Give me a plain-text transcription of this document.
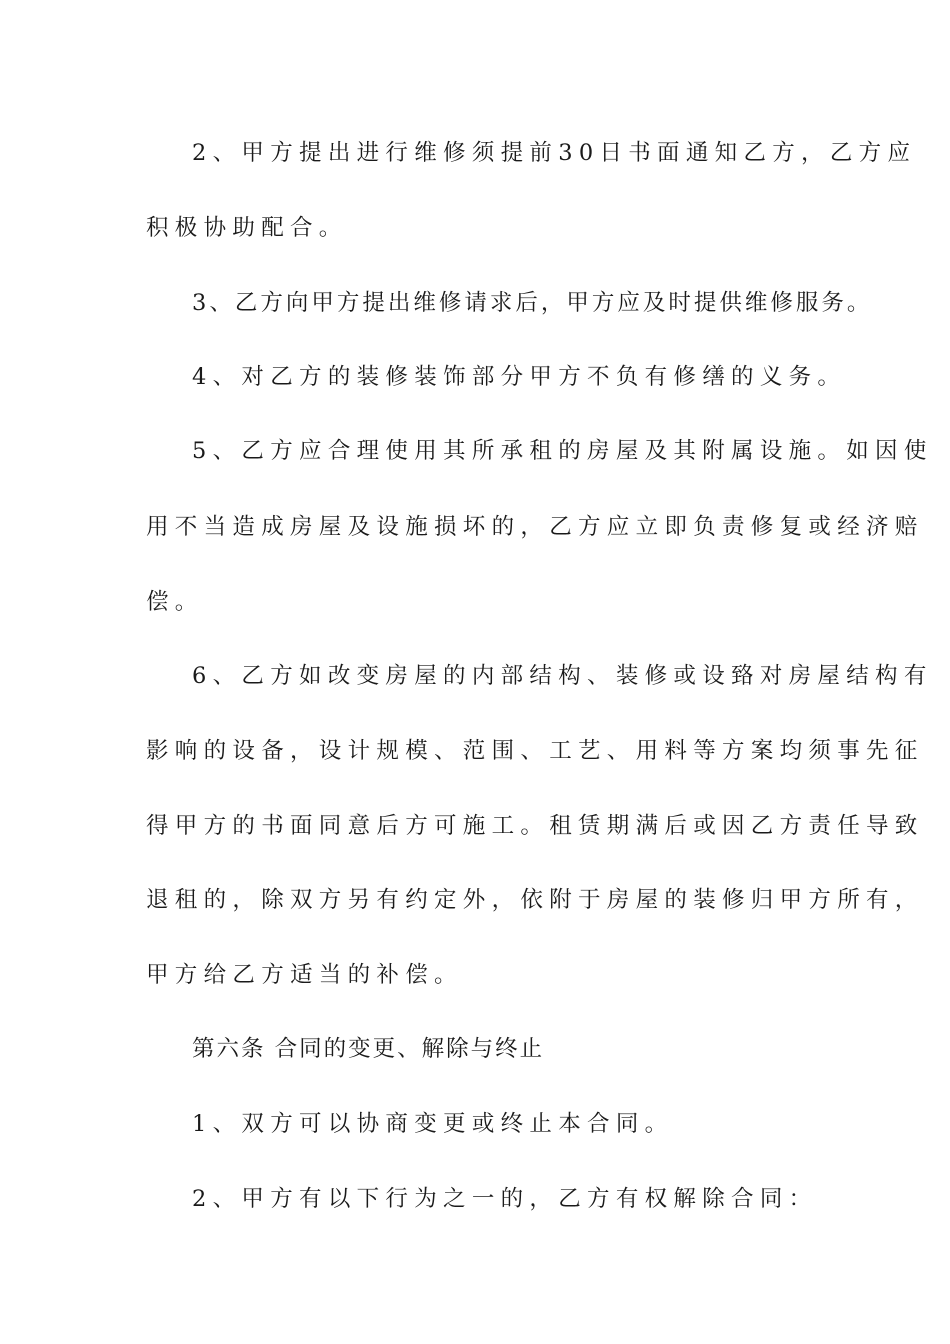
2、甲方提出进行维修须提前30日书面通知乙方，乙方应
积极协助配合。
3、乙方向甲方提出维修请求后，甲方应及时提供维修服务。
4、对乙方的装修装饰部分甲方不负有修缮的义务。
5、乙方应合理使用其所承租的房屋及其附属设施。如因使
用不当造成房屋及设施损坏的，乙方应立即负责修复或经济赔
偿。
6、乙方如改变房屋的内部结构、装修或设臵对房屋结构有
影响的设备，设计规模、范围、工艺、用料等方案均须事先征
得甲方的书面同意后方可施工。租赁期满后或因乙方责任导致
退租的，除双方另有约定外，依附于房屋的装修归甲方所有，
甲方给乙方适当的补偿。
第六条 合同的变更、解除与终止
1、双方可以协商变更或终止本合同。
2、甲方有以下行为之一的，乙方有权解除合同：
